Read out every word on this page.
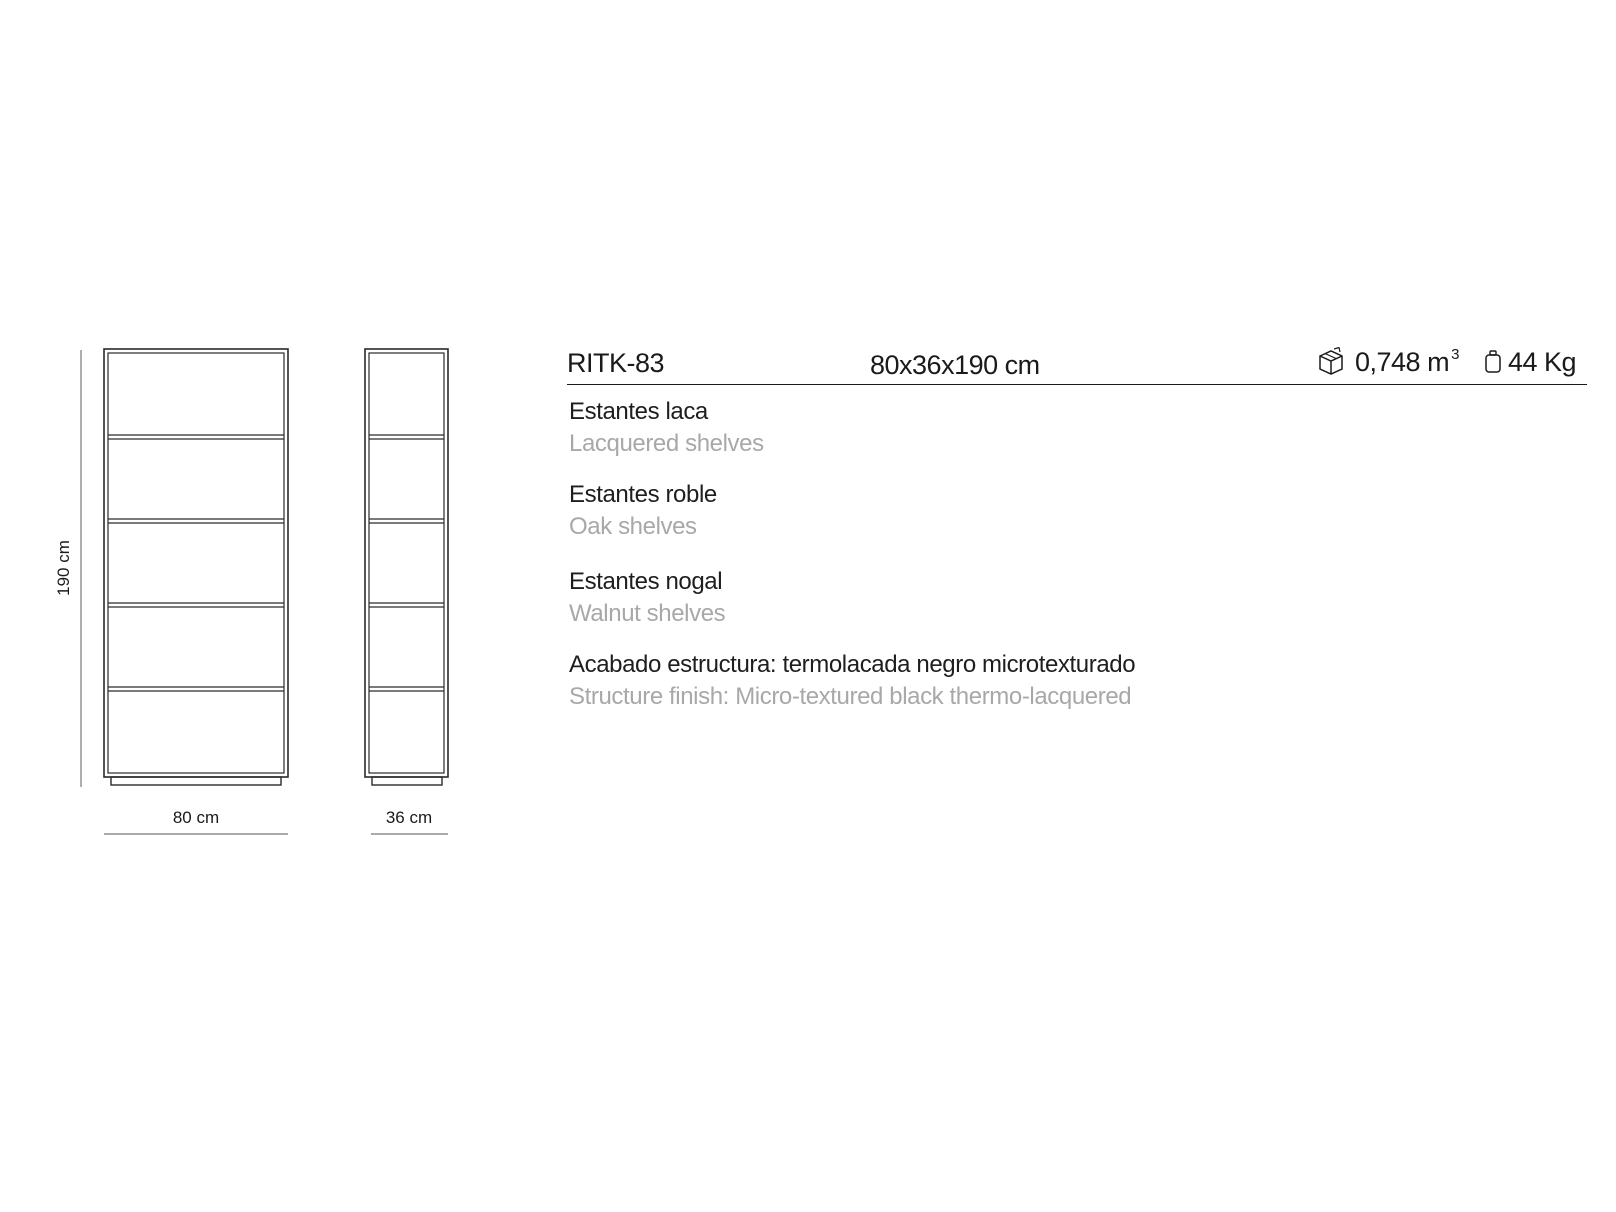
190 cm
80 cm	36 cm
RITK-83	80x36x190 cm	0,748 m $^3$ 44 Kg
Estantes laca
Lacquered shelves
Estantes roble
Oak shelves
Estantes nogal
Walnut shelves
Acabado estructura: termolacada negro microtexturado
Structure finish: Micro-textured black thermo-lacquered
